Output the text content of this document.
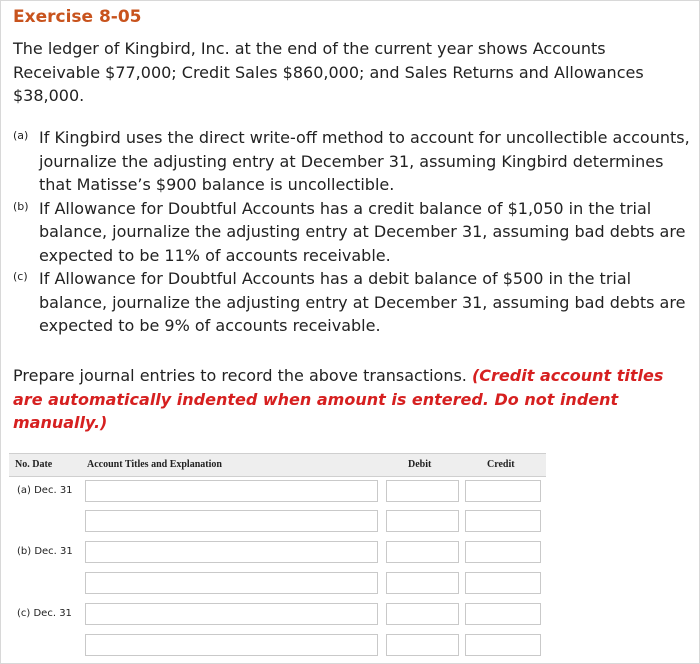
Exercise 8-05
The ledger of Kingbird, Inc. at the end of the current year shows Accounts Receivable $77,000; Credit Sales $860,000; and Sales Returns and Allowances $38,000.
(a) If Kingbird uses the direct write-off method to account for uncollectible accounts, journalize the adjusting entry at December 31, assuming Kingbird determines that Matisse’s $900 balance is uncollectible.
(b) If Allowance for Doubtful Accounts has a credit balance of $1,050 in the trial balance, journalize the adjusting entry at December 31, assuming bad debts are expected to be 11% of accounts receivable.
(c) If Allowance for Doubtful Accounts has a debit balance of $500 in the trial balance, journalize the adjusting entry at December 31, assuming bad debts are expected to be 9% of accounts receivable.
Prepare journal entries to record the above transactions. (Credit account titles are automatically indented when amount is entered. Do not indent manually.)
No. Date	Account Titles and Explanation	Debit	Credit
(a) Dec. 31
(b) Dec. 31
(c) Dec. 31
